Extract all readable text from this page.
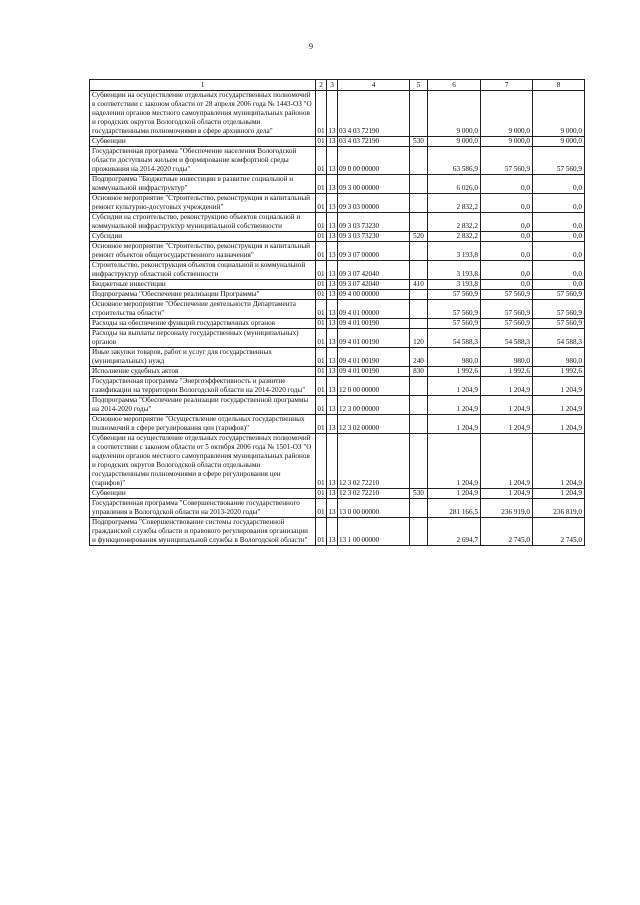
9
1	2	3	4	5	6	7	8
Субвенции на осуществление отдельных государственных полномочий в соответствии с законом области от 28 апреля 2006 года № 1443-ОЗ "О наделении органов местного самоуправления муниципальных районов и городских округов Вологодской области отдельными государственными полномочиями в сфере архивного дела"	01	13	03 4 03 72190		9 000,0	9 000,0	9 000,0
Субвенции	01	13	03 4 03 72190	530	9 000,0	9 000,0	9 000,0
Государственная программа "Обеспечение населения Вологодской области доступным жильем и формирование комфортной среды проживания на 2014-2020 годы"	01	13	09 0 00 00000		63 586,9	57 560,9	57 560,9
Подпрограмма "Бюджетные инвестиции в развитие социальной и коммунальной инфраструктур"	01	13	09 3 00 00000		6 026,0	0,0	0,0
Основное мероприятие "Строительство, реконструкция и капитальный ремонт культурно-досуговых учреждений"	01	13	09 3 03 00000		2 832,2	0,0	0,0
Субсидии на строительство, реконструкцию объектов социальной и коммунальной инфраструктур муниципальной собственности	01	13	09 3 03 73230		2 832,2	0,0	0,0
Субсидии	01	13	09 3 03 73230	520	2 832,2	0,0	0,0
Основное мероприятие "Строительство, реконструкция и капитальный ремонт объектов общегосударственного назначения"	01	13	09 3 07 00000		3 193,8	0,0	0,0
Строительство, реконструкция объектов социальной и коммунальной инфраструктур областной собственности	01	13	09 3 07 42040		3 193,8	0,0	0,0
Бюджетные инвестиции	01	13	09 3 07 42040	410	3 193,8	0,0	0,0
Подпрограмма "Обеспечение реализации Программы"	01	13	09 4 00 00000		57 560,9	57 560,9	57 560,9
Основное мероприятие "Обеспечение деятельности Департамента строительства области"	01	13	09 4 01 00000		57 560,9	57 560,9	57 560,9
Расходы на обеспечение функций государственных органов	01	13	09 4 01 00190		57 560,9	57 560,9	57 560,9
Расходы на выплаты персоналу государственных (муниципальных) органов	01	13	09 4 01 00190	120	54 588,3	54 588,3	54 588,3
Иные закупки товаров, работ и услуг для государственных (муниципальных) нужд	01	13	09 4 01 00190	240	980,0	980,0	980,0
Исполнение судебных актов	01	13	09 4 01 00190	830	1 992,6	1 992,6	1 992,6
Государственная программа "Энергоэффективность и развитие газификации на территории Вологодской области на 2014-2020 годы"	01	13	12 0 00 00000		1 204,9	1 204,9	1 204,9
Подпрограмма "Обеспечение реализации государственной программы на 2014-2020 годы"	01	13	12 3 00 00000		1 204,9	1 204,9	1 204,9
Основное мероприятие "Осуществление отдельных государственных полномочий в сфере регулирования цен (тарифов)"	01	13	12 3 02 00000		1 204,9	1 204,9	1 204,9
Субвенции на осуществление отдельных государственных полномочий в соответствии с законом области от 5 октября 2006 года № 1501-ОЗ "О наделении органов местного самоуправления муниципальных районов и городских округов Вологодской области отдельными государственными полномочиями в сфере регулирования цен (тарифов)"	01	13	12 3 02 72210		1 204,9	1 204,9	1 204,9
Субвенции	01	13	12 3 02 72210	530	1 204,9	1 204,9	1 204,9
Государственная программа "Совершенствование государственного управления в Вологодской области на 2013-2020 годы"	01	13	13 0 00 00000		281 166,5	236 919,0	236 819,0
Подпрограмма "Совершенствование системы государственной гражданской службы области и правового регулирования организации и функционирования муниципальной службы в Вологодской области"	01	13	13 1 00 00000		2 694,7	2 745,0	2 745,0
